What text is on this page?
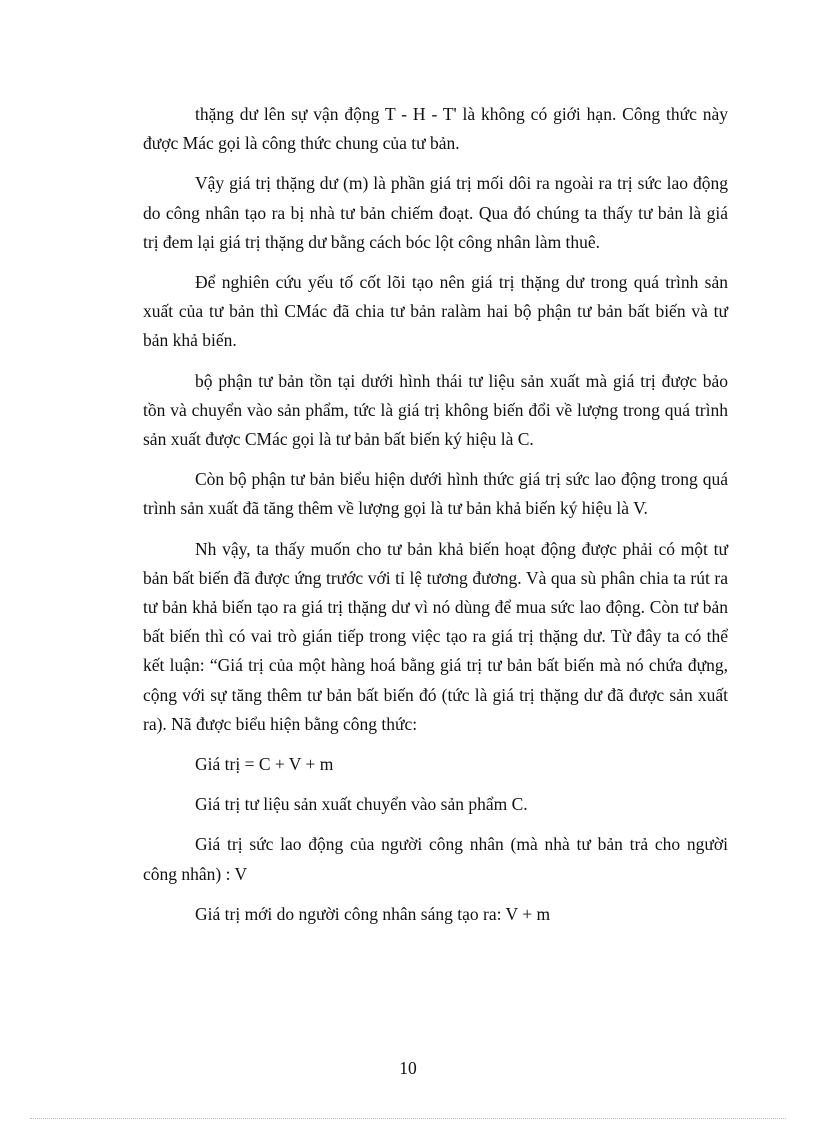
thặng dư lên sự vận động T - H - T' là không có giới hạn. Công thức này được Mác gọi là công thức chung của tư bản.

Vậy giá trị thặng dư (m) là phần giá trị mối dôi ra ngoài ra trị sức lao động do công nhân tạo ra bị nhà tư bản chiếm đoạt. Qua đó chúng ta thấy tư bản là giá trị đem lại giá trị thặng dư bằng cách bóc lột công nhân làm thuê.

Để nghiên cứu yếu tố cốt lõi tạo nên giá trị thặng dư trong quá trình sản xuất của tư bản thì CMác đã chia tư bản ralàm hai bộ phận tư bản bất biến và tư bản khả biến.

bộ phận tư bản tồn tại dưới hình thái tư liệu sản xuất mà giá trị được bảo tồn và chuyển vào sản phẩm, tức là giá trị không biến đổi về lượng trong quá trình sản xuất được CMác gọi là tư bản bất biến ký hiệu là C.

Còn bộ phận tư bản biểu hiện dưới hình thức giá trị sức lao động trong quá trình sản xuất đã tăng thêm về lượng gọi là tư bản khả biến ký hiệu là V.

Nh vậy, ta thấy muốn cho tư bản khả biến hoạt động được phải có một tư bản bất biến đã được ứng trước với tỉ lệ tương đương. Và qua sù phân chia ta rút ra tư bản khả biến tạo ra giá trị thặng dư vì nó dùng để mua sức lao động. Còn tư bản bất biến thì có vai trò gián tiếp trong việc tạo ra giá trị thặng dư. Từ đây ta có thể kết luận: “Giá trị của một hàng hoá bằng giá trị tư bản bất biến mà nó chứa đựng, cộng với sự tăng thêm tư bản bất biến đó (tức là giá trị thặng dư đã được sản xuất ra). Nã được biểu hiện bằng công thức:

Giá trị = C + V + m

Giá trị tư liệu sản xuất chuyển vào sản phẩm C.

Giá trị sức lao động của người công nhân (mà nhà tư bản trả cho người công nhân) : V

Giá trị mới do người công nhân sáng tạo ra: V + m

10
